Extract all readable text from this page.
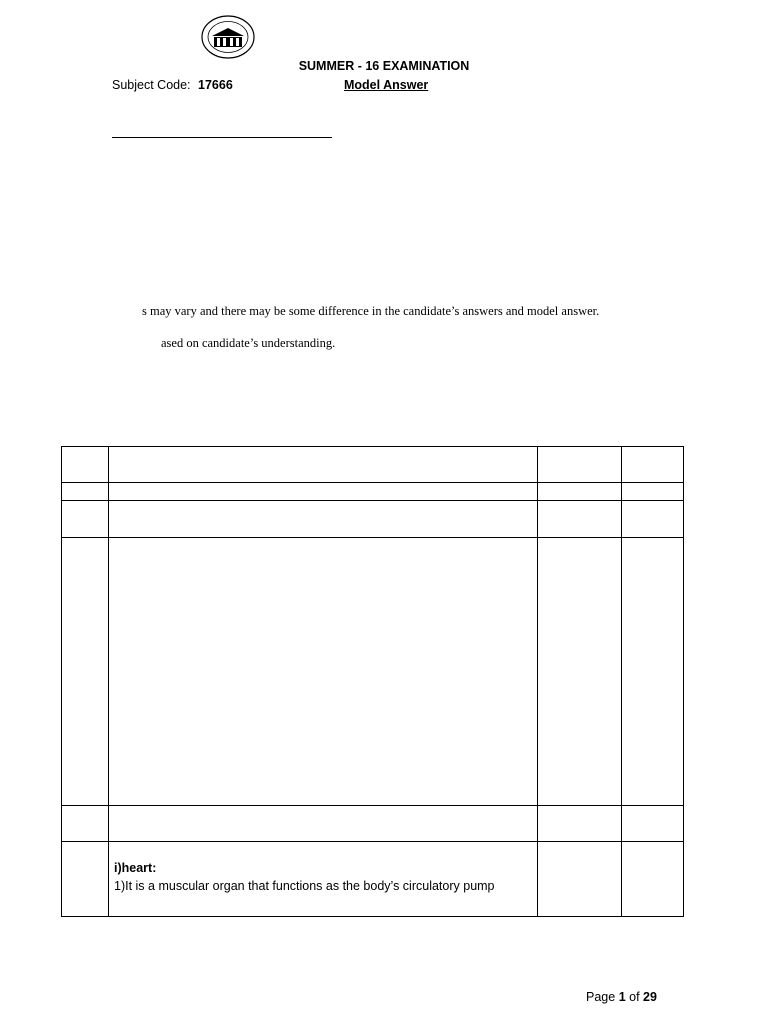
SUMMER - 16 EXAMINATION
Subject Code: 17666	Model Answer
s may vary and there may be some difference in the candidate’s answers and model answer.
ased on candidate’s understanding.
i)heart:
1)It is a muscular organ that functions as the body’s circulatory pump
Page 1 of 29
